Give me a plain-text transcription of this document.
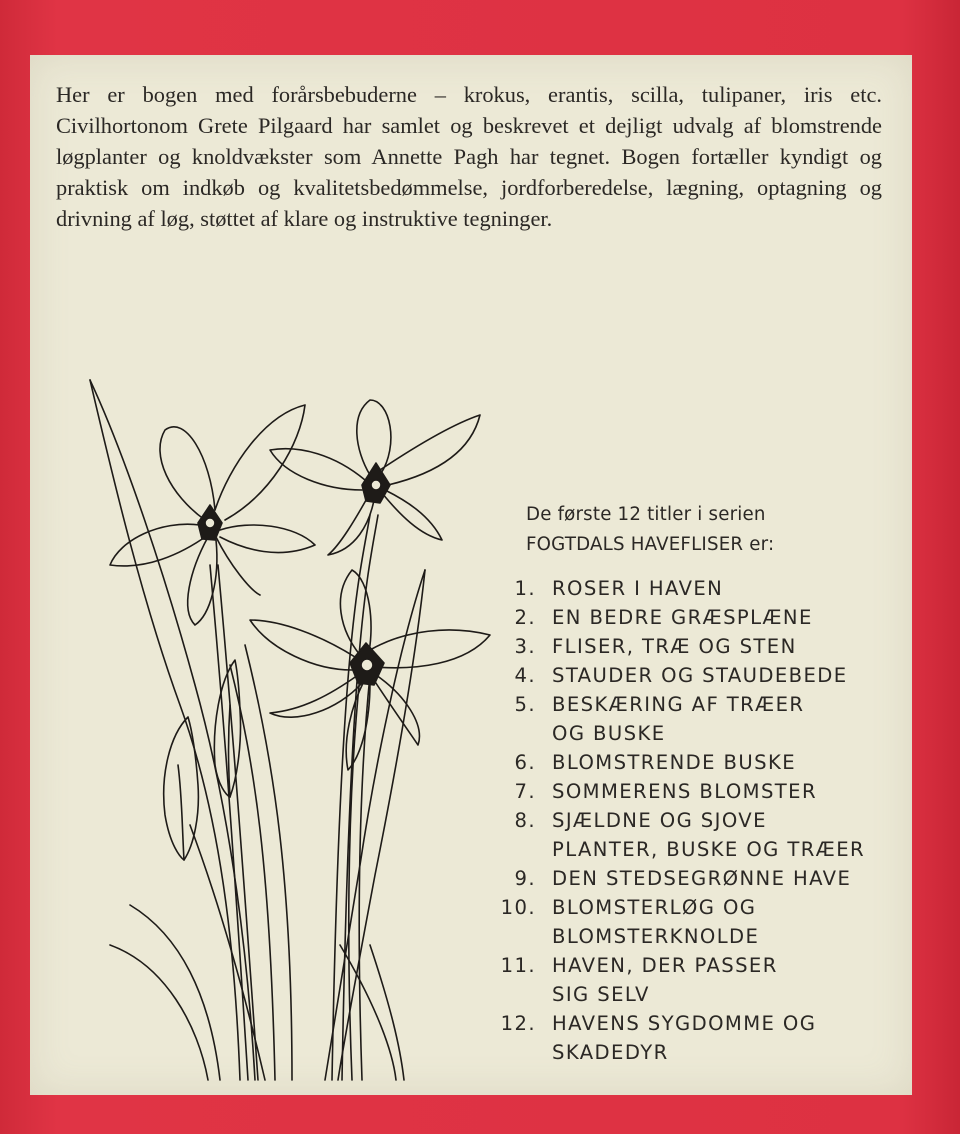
Her er bogen med forårsbebuderne – krokus, erantis, scilla, tulipaner, iris etc. Civilhortonom Grete Pilgaard har samlet og beskrevet et dejligt udvalg af blomstrende løgplanter og knoldvækster som Annette Pagh har tegnet. Bogen fortæller kyndigt og praktisk om indkøb og kvalitetsbedømmelse, jordforberedelse, lægning, optagning og drivning af løg, støttet af klare og instruktive tegninger.

De første 12 titler i serien
FOGTDALS HAVEFLISER er:
1. ROSER I HAVEN
2. EN BEDRE GRÆSPLÆNE
3. FLISER, TRÆ OG STEN
4. STAUDER OG STAUDEBEDE
5. BESKÆRING AF TRÆER
OG BUSKE
6. BLOMSTRENDE BUSKE
7. SOMMERENS BLOMSTER
8. SJÆLDNE OG SJOVE
PLANTER, BUSKE OG TRÆER
9. DEN STEDSEGRØNNE HAVE
10. BLOMSTERLØG OG
BLOMSTERKNOLDE
11. HAVEN, DER PASSER
SIG SELV
12. HAVENS SYGDOMME OG
SKADEDYR
